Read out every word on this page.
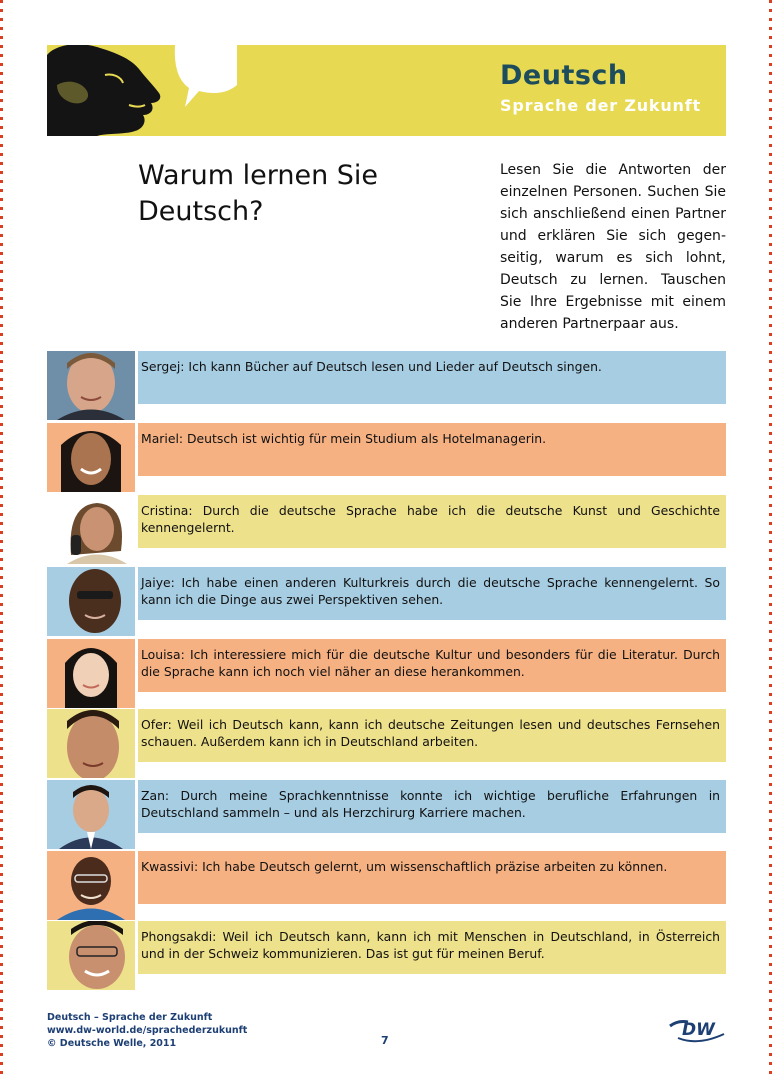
Deutsch

Sprache der Zukunft

Warum lernen Sie Deutsch?

Lesen Sie die Antworten der einzelnen Personen. Suchen Sie sich anschließend einen Partner und erklären Sie sich gegenseitig, warum es sich lohnt, Deutsch zu lernen. Tauschen Sie Ihre Ergebnisse mit einem anderen Partnerpaar aus.

Sergej: Ich kann Bücher auf Deutsch lesen und Lieder auf Deutsch singen.

Mariel: Deutsch ist wichtig für mein Studium als Hotelmanagerin.

Cristina: Durch die deutsche Sprache habe ich die deutsche Kunst und Geschichte kennengelernt.

Jaiye: Ich habe einen anderen Kulturkreis durch die deutsche Sprache kennengelernt. So kann ich die Dinge aus zwei Perspektiven sehen.

Louisa: Ich interessiere mich für die deutsche Kultur und besonders für die Literatur. Durch die Sprache kann ich noch viel näher an diese herankommen.

Ofer: Weil ich Deutsch kann, kann ich deutsche Zeitungen lesen und deutsches Fernsehen schauen. Außerdem kann ich in Deutschland arbeiten.

Zan: Durch meine Sprachkenntnisse konnte ich wichtige berufliche Erfahrungen in Deutschland sammeln – und als Herzchirurg Karriere machen.

Kwassivi: Ich habe Deutsch gelernt, um wissenschaftlich präzise arbeiten zu können.

Phongsakdi: Weil ich Deutsch kann, kann ich mit Menschen in Deutschland, in Österreich und in der Schweiz kommunizieren. Das ist gut für meinen Beruf.

Deutsch – Sprache der Zukunft
www.dw-world.de/sprachederzukunft
© Deutsche Welle, 2011	7
DW
